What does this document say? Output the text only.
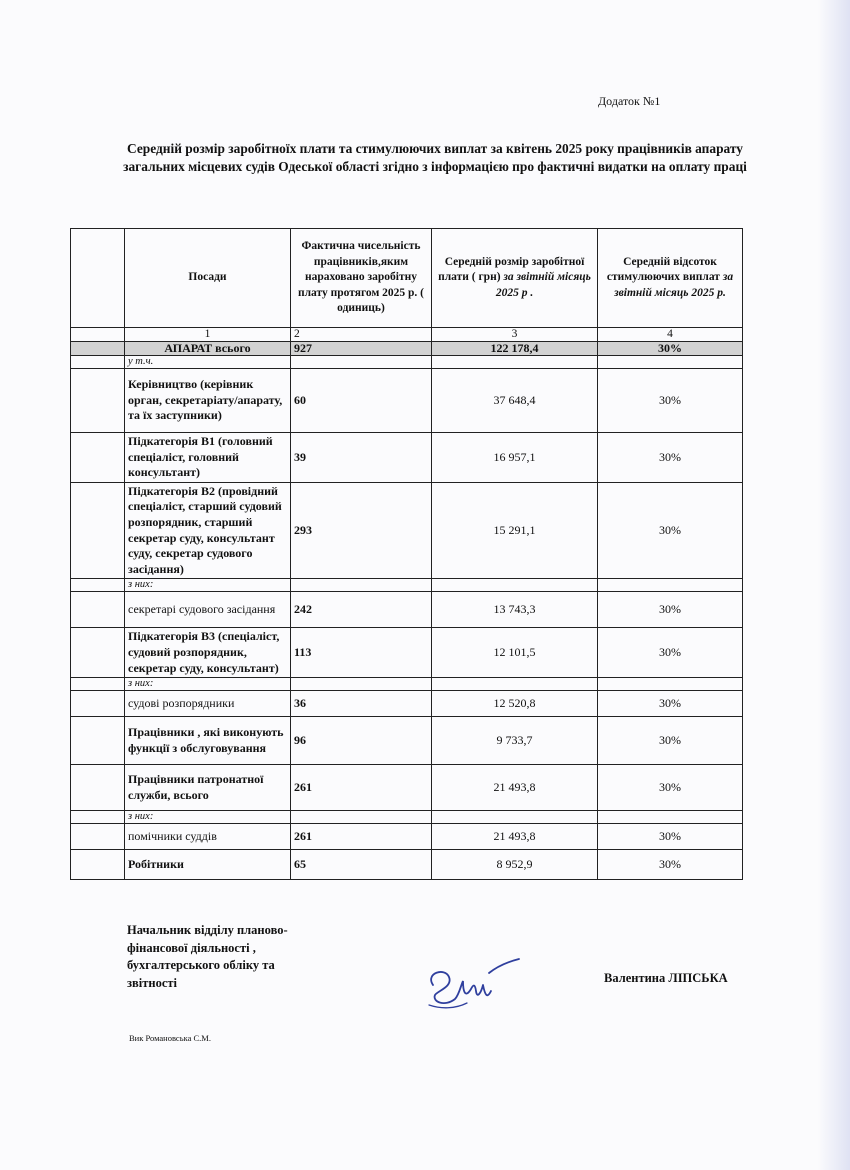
Додаток №1
Середній розмір заробітноїх плати та стимулюючих виплат за квітень 2025 року працівників апарату загальних місцевих судів Одеської області згідно з інформацією про фактичні видатки на оплату праці
	Посади	Фактична чисельність працівників,яким нараховано заробітну плату протягом 2025 р. ( одиниць)	Середній розмір заробітної плати ( грн) за звітній місяць 2025 р .	Середній відсоток стимулюючих виплат за звітній місяць 2025 р.
	1	2	3	4
	АПАРАТ всього	927	122 178,4	30%
	у т.ч.			
	Керівництво (керівник орган, секретаріату/апарату, та їх заступники)	60	37 648,4	30%
	Підкатегорія В1 (головний спеціаліст, головний консультант)	39	16 957,1	30%
	Підкатегорія В2 (провідний спеціаліст, старший судовий розпорядник, старший секретар суду, консультант суду, секретар судового засідання)	293	15 291,1	30%
	з них:			
	секретарі судового засідання	242	13 743,3	30%
	Підкатегорія В3 (спеціаліст, судовий розпорядник, секретар суду, консультант)	113	12 101,5	30%
	з них:			
	судові розпорядники	36	12 520,8	30%
	Працівники , які виконують функції з обслуговування	96	9 733,7	30%
	Працівники патронатної служби, всього	261	21 493,8	30%
	з них:			
	помічники суддів	261	21 493,8	30%
	Робітники	65	8 952,9	30%
Начальник відділу планово-фінансової діяльності , бухгалтерського обліку та звітності	Валентина ЛІПСЬКА
Вик Романовська С.М.
